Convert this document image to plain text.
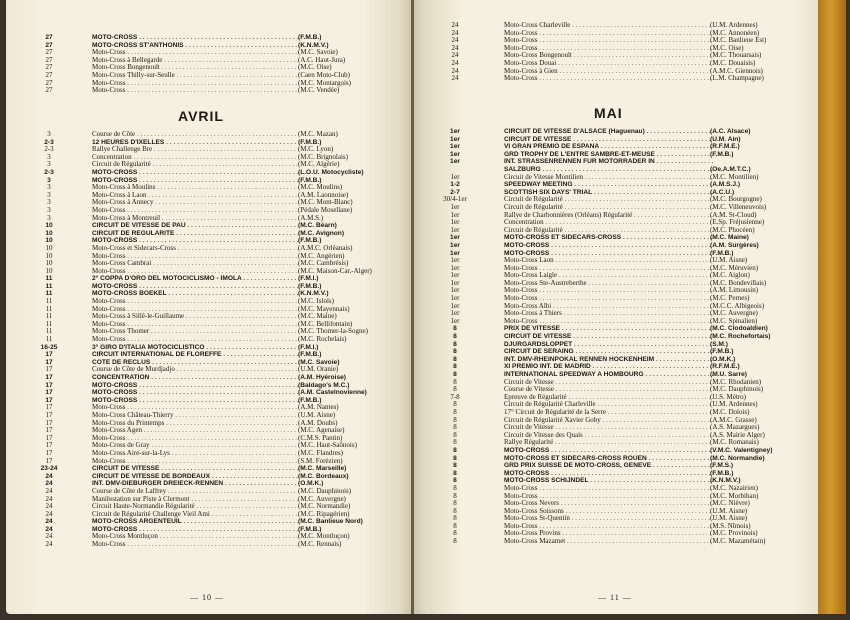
27	MOTO-CROSS . . .	(F.M.B.)
27	MOTO-CROSS ST'ANTHONIS . . .	(K.N.M.V.)
27	Moto-Cross . . .	(M.C. Savoie)
27	Moto-Cross à Bellegarde . . .	(A.C. Haut-Jura)
27	Moto-Cross Bongenoult . . .	(M.C. Oise)
27	Moto-Cross Thilly-sur-Seulle . . .	(Caen Moto-Club)
27	Moto-Cross . . .	(M.C. Montargois)
27	Moto-Cross . . .	(M.C. Vendée)
AVRIL
3	Course de Côte . . .	(M.C. Mazan)
2-3	12 HEURES D'IXELLES . . .	(F.M.B.)
2-3	Rallye Challenge Bre . . .	(M.C. Lyon)
3	Concentration . . .	(M.C. Brignolais)
3	Circuit de Régularité . . .	(M.C. Algérie)
2-3	MOTO-CROSS . . .	(L.O.U. Motocycliste)
3	MOTO-CROSS . . .	(F.M.B.)
3	Moto-Cross à Moulins . . .	(M.C. Moulins)
3	Moto-Cross à Laon . . .	(A.M. Laonnoise)
3	Moto-Cross à Annecy . . .	(M.C. Mont-Blanc)
3	Moto-Cross . . .	(Pédale Mosellane)
3	Moto-Cross à Montreuil . . .	(A.M.S.)
10	CIRCUIT DE VITESSE DE PAU . . .	(M.C. Béarn)
10	CIRCUIT DE REGULARITE . . .	(M.C. Avignon)
10	MOTO-CROSS . . .	(F.M.B.)
10	Moto-Cross et Sidecars-Cross . . .	(A.M.C. Orléanais)
10	Moto-Cross . . .	(M.C. Angérien)
10	Moto-Cross Cambrai . . .	(M.C. Cambrésis)
10	Moto-Cross . . .	(M.C. Maison-Car.-Alger)
11	2° COPPA D'ORO DEL MOTOCICLISMO - IMOLA . . .	(F.M.I.)
11	MOTO-CROSS . . .	(F.M.B.)
11	MOTO-CROSS BOEKEL . . .	(K.N.M.V.)
11	Moto-Cross . . .	(M.C. Isloïs)
11	Moto-Cross . . .	(M.C. Mayennais)
11	Moto-Cross à Sillé-le-Guillaume . . .	(M.C. Maine)
11	Moto-Cross . . .	(M.C. Bellifontain)
11	Moto-Cross Thomer . . .	(M.C. Thomer-la-Sogne)
11	Moto-Cross . . .	(M.C. Rochelais)
16-25	3° GIRO D'ITALIA MOTOCICLISTICO . . .	(F.M.I.)
17	CIRCUIT INTERNATIONAL DE FLOREFFE . . .	(F.M.B.)
17	COTE DE RECLUS . . .	(M.C. Savoie)
17	Course de Côte de Murdjadjo . . .	(U.M. Oranie)
17	CONCENTRATION . . .	(A.M. Hyéroise)
17	MOTO-CROSS . . .	(Baldago's M.C.)
17	MOTO-CROSS . . .	(A.M. Castelnovienne)
17	MOTO-CROSS . . .	(F.M.B.)
17	Moto-Cross . . .	(A.M. Nantes)
17	Moto-Cross Château-Thierry . . .	(U.M. Aisne)
17	Moto-Cross du Printemps . . .	(A.M. Doubs)
17	Moto-Cross Agen . . .	(M.C. Agenaise)
17	Moto-Cross . . .	(C.M.S. Pantin)
17	Moto-Cross de Gray . . .	(M.C. Haut-Saônois)
17	Moto-Cross Aire-sur-la-Lys . . .	(M.C. Flandres)
17	Moto-Cross . . .	(S.M. Forézien)
23-24	CIRCUIT DE VITESSE . . .	(M.C. Marseille)
24	CIRCUIT DE VITESSE DE BORDEAUX . . .	(M.C. Bordeaux)
24	INT. DMV-DIEBURGER DREIECK-RENNEN . . .	(O.M.K.)
24	Course de Côte de Laffrey . . .	(M.C. Dauphinois)
24	Manifestation sur Piste à Clermont . . .	(M.C. Auvergne)
24	Circuit Haute-Normandie Régularité . . .	(M.C. Normandie)
24	Circuit de Régularité Challenge Vieil Ami . . .	(M.C. Ripagérien)
24	MOTO-CROSS ARGENTEUIL . . .	(M.C. Banlieue Nord)
24	MOTO-CROSS . . .	(F.M.B.)
24	Moto-Cross Montluçon . . .	(M.C. Montluçon)
24	Moto-Cross . . .	(M.C. Rennais)
— 10 —
24	Moto-Cross Charleville . . .	(U.M. Ardennes)
24	Moto-Cross . . .	(M.C. Annonéen)
24	Moto-Cross . . .	(M.C. Banlieue Est)
24	Moto-Cross . . .	(M.C. Oise)
24	Moto-Cross Bongenoult . . .	(M.C. Thouarsais)
24	Moto-Cross Douai . . .	(M.C. Douaisis)
24	Moto-Cross à Gien . . .	(A.M.C. Giennois)
24	Moto-Cross . . .	(L.M. Champagne)
MAI
1er	CIRCUIT DE VITESSE D'ALSACE (Haguenau) . . .	(A.C. Alsace)
1er	CIRCUIT DE VITESSE . . .	(U.M. Ain)
1er	VI GRAN PREMIO DE ESPAÑA . . .	(R.F.M.E.)
1er	GRD TROPHY DE L'ENTRE SAMBRE-ET-MEUSE . . .	(F.M.B.)
1er	INT. STRASSENRENNEN FUR MOTORRADER IN . . .
SALZBURG . . .	(Oe.A.M.T.C.)
1er	Circuit de Vitesse Montilien . . .	(M.C. Montilien)
1-2	SPEEDWAY MEETING . . .	(A.M.S.J.)
2-7	SCOTTISH SIX DAYS' TRIAL . . .	(A.C.U.)
30/4-1er	Circuit de Régularité . . .	(M.C. Bourgogne)
1er	Circuit de Régularité . . .	(M.C. Villeneuvois)
1er	Rallye de Charbonnières (Orléans) Régularité . . .	(A.M. St-Cloud)
1er	Concentration . . .	(E.Sp. Fréjusienne)
1er	Circuit de Régularité . . .	(M.C. Phocéen)
1er	MOTO-CROSS ET SIDECARS-CROSS . . .	(M.C. Maine)
1er	MOTO-CROSS . . .	(A.M. Surgères)
1er	MOTO-CROSS . . .	(F.M.B.)
1er	Moto-Cross Laon . . .	(U.M. Aisne)
1er	Moto-Cross . . .	(M.C. Méruvien)
1er	Moto-Cross Laigle . . .	(M.C. Aiglon)
1er	Moto-Cross Ste-Austreberthe . . .	(M.C. Bondevillais)
1er	Moto-Cross . . .	(A.M. Limousin)
1er	Moto-Cross . . .	(M.C. Pernes)
1er	Moto-Cross Albi . . .	(M.C.C. Albigeois)
1er	Moto-Cross à Thiers . . .	(M.C. Auvergne)
1er	Moto-Cross . . .	(M.C. Spinalien)
8	PRIX DE VITESSE . . .	(M.C. Clodoaldien)
8	CIRCUIT DE VITESSE . . .	(M.C. Rochefortais)
8	DJURGARDSLOPPET . . .	(S.M.)
8	CIRCUIT DE SERAING . . .	(F.M.B.)
8	INT. DMV-RHEINPOKAL RENNEN HOCKENHEIM . . .	(O.M.K.)
8	XI PREMIO INT. DE MADRID . . .	(R.F.M.E.)
8	INTERNATIONAL SPEEDWAY A HOMBOURG . . .	(M.U. Sarre)
8	Circuit de Vitesse . . .	(M.C. Rhodanien)
8	Course de Vitesse . . .	(M.C. Dauphinois)
7-8	Epreuve de Régularité . . .	(U.S. Métro)
8	Circuit de Régularité Charleville . . .	(U.M. Ardennes)
8	17° Circuit de Régularité de la Serre . . .	(M.C. Dolois)
8	Circuit de Régularité Xavier Goby . . .	(A.M.C. Grasse)
8	Circuit de Vitesse . . .	(A.S. Mazargues)
8	Circuit de Vitesse des Quais . . .	(A.S. Mairie Alger)
8	Rallye Régularité . . .	(M.C. Romanais)
8	MOTO-CROSS . . .	(V.M.C. Valentigney)
8	MOTO-CROSS ET SIDECARS-CROSS ROUEN . . .	(M.C. Normandie)
8	GRD PRIX SUISSE DE MOTO-CROSS, GENEVE . . .	(F.M.S.)
8	MOTO-CROSS . . .	(F.M.B.)
8	MOTO-CROSS SCHIJNDEL . . .	(K.N.M.V.)
8	Moto-Cross . . .	(M.C. Nazairien)
8	Moto-Cross . . .	(M.C. Morbihan)
8	Moto-Cross Nevers . . .	(M.C. Nièvre)
8	Moto-Cross Soissons . . .	(U.M. Aisne)
8	Moto-Cross St-Quentin . . .	(U.M. Aisne)
8	Moto-Cross . . .	(M.S. Nîmois)
8	Moto-Cross Provins . . .	(M.C. Provinois)
8	Moto-Cross Mazamet . . .	(M.C. Mazamétain)
— 11 —
